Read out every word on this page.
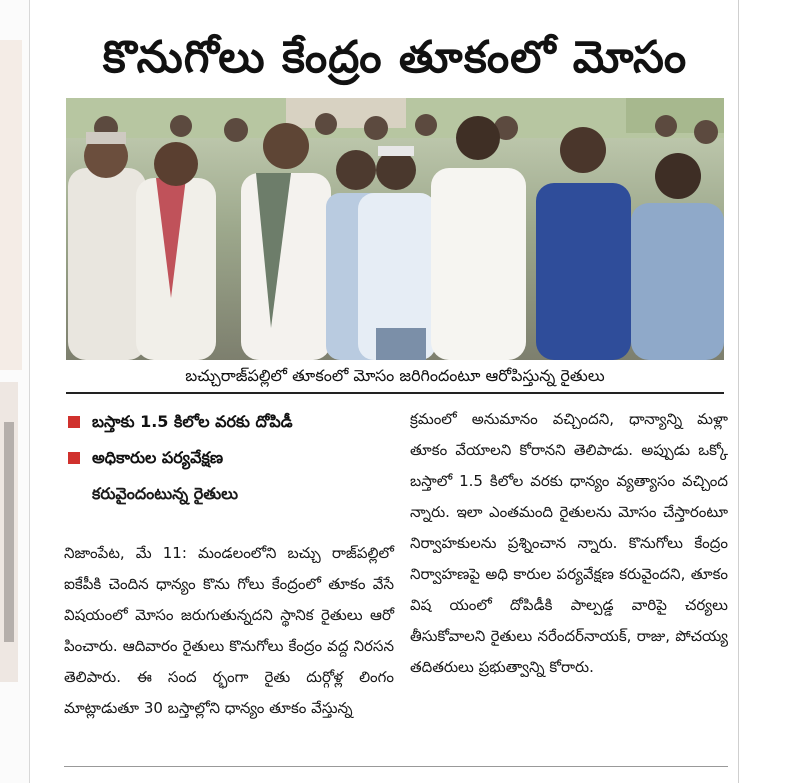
కొనుగోలు కేంద్రం తూకంలో మోసం
బచ్చురాజ్‌పల్లిలో తూకంలో మోసం జరిగిందంటూ ఆరోపిస్తున్న రైతులు
బస్తాకు 1.5 కిలోల వరకు దోపిడీ
అధికారుల పర్యవేక్షణ
కరువైందంటున్న రైతులు

నిజాంపేట, మే 11: మండలంలోని బచ్చు రాజ్‌పల్లిలో ఐకేపీకి చెందిన ధాన్యం కొను గోలు కేంద్రంలో తూకం వేసే విషయంలో మోసం జరుగుతున్నదని స్థానిక రైతులు ఆరో పించారు. ఆదివారం రైతులు కొనుగోలు కేంద్రం వద్ద నిరసన తెలిపారు. ఈ సంద ర్భంగా రైతు దుర్గోళ్ల లింగం మాట్లాడుతూ 30 బస్తాల్లోని ధాన్యం తూకం వేస్తున్న

క్రమంలో అనుమానం వచ్చిందని, ధాన్యాన్ని మళ్లా తూకం వేయాలని కోరానని తెలిపాడు. అప్పుడు ఒక్కో బస్తాలో 1.5 కిలోల వరకు ధాన్యం వ్యత్యాసం వచ్చింద న్నారు. ఇలా ఎంతమంది రైతులను మోసం చేస్తారంటూ నిర్వాహకులను ప్రశ్నించాన న్నారు. కొనుగోలు కేంద్రం నిర్వాహణపై అధి కారుల పర్యవేక్షణ కరువైందని, తూకం విష యంలో దోపిడీకి పాల్పడ్డ వారిపై చర్యలు తీసుకోవాలని రైతులు నరేందర్‌నాయక్, రాజు, పోచయ్య తదితరులు ప్రభుత్వాన్ని కోరారు.
